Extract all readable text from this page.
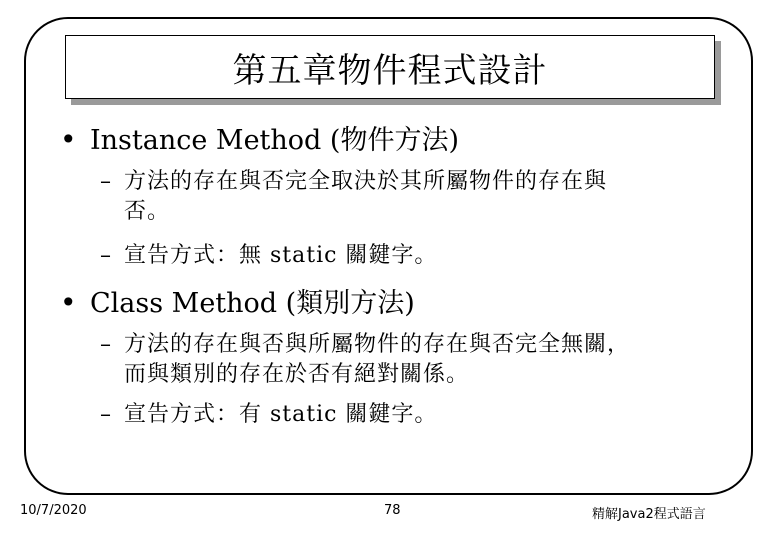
第五章物件程式設計
• Instance Method (物件方法)
– 方法的存在與否完全取決於其所屬物件的存在與
否。
– 宣告方式：無 static 關鍵字。
• Class Method (類別方法)
– 方法的存在與否與所屬物件的存在與否完全無關，
而與類別的存在於否有絕對關係。
– 宣告方式：有 static 關鍵字。
10/7/2020	78	精解Java2程式語言
